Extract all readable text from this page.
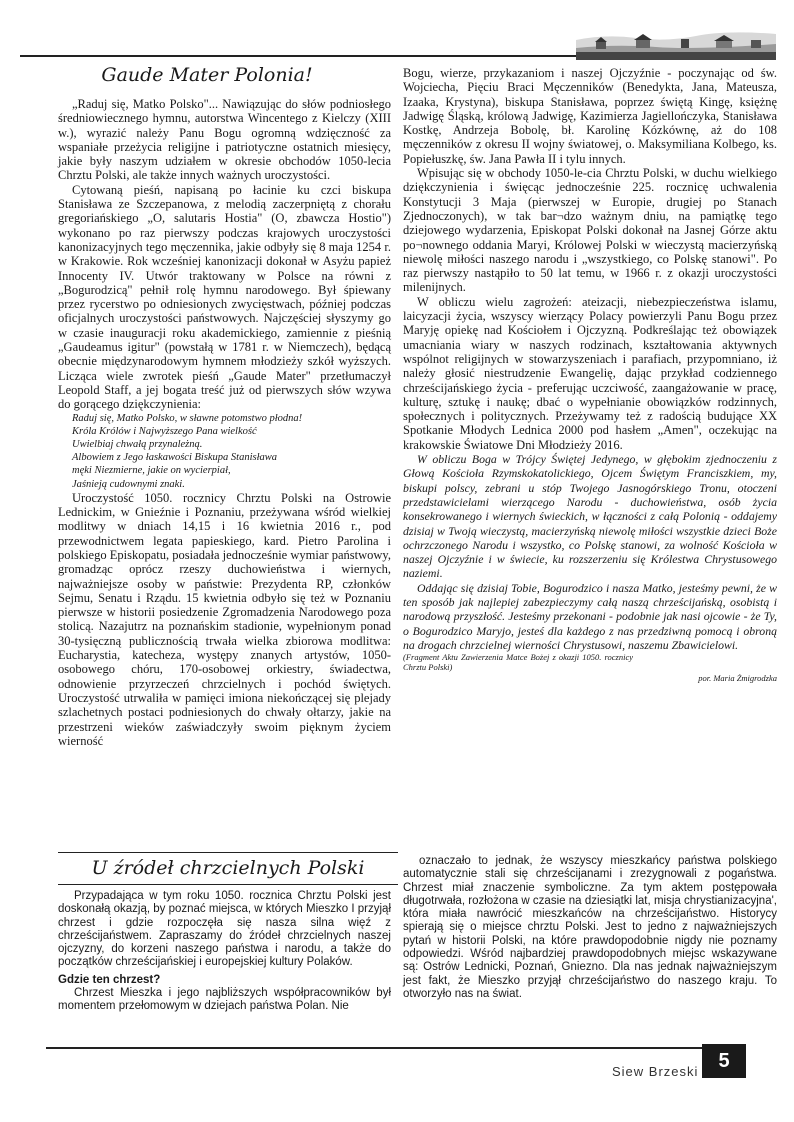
Gaude Mater Polonia!

„Raduj się, Matko Polsko"... Nawiązując do słów podniosłego średniowiecznego hymnu, autorstwa Wincentego z Kielczy (XIII w.), wyrazić należy Panu Bogu ogromną wdzięczność za wspaniałe przeżycia religijne i patriotyczne ostatnich miesięcy, jakie były naszym udziałem w okresie obchodów 1050-lecia Chrztu Polski, ale także innych ważnych uroczystości.

Cytowaną pieśń, napisaną po łacinie ku czci biskupa Stanisława ze Szczepanowa, z melodią zaczerpniętą z chorału gregoriańskiego „O, salutaris Hostia" (O, zbawcza Hostio") wykonano po raz pierwszy podczas krajowych uroczystości kanonizacyjnych tego męczennika, jakie odbyły się 8 maja 1254 r. w Krakowie. Rok wcześniej kanonizacji dokonał w Asyżu papież Innocenty IV. Utwór traktowany w Polsce na równi z „Bogurodzicą" pełnił rolę hymnu narodowego. Był śpiewany przez rycerstwo po odniesionych zwycięstwach, później podczas oficjalnych uroczystości państwowych. Najczęściej słyszymy go w czasie inauguracji roku akademickiego, zamiennie z pieśnią „Gaudeamus igitur" (powstałą w 1781 r. w Niemczech), będącą obecnie międzynarodowym hymnem młodzieży szkół wyższych. Licząca wiele zwrotek pieśń „Gaude Mater" przetłumaczył Leopold Staff, a jej bogata treść już od pierwszych słów wzywa do gorącego dziękczynienia:

Raduj się, Matko Polsko, w sławne potomstwo płodna!
Króla Królów i Najwyższego Pana wielkość
Uwielbiaj chwałą przynależną.
Albowiem z Jego łaskawości Biskupa Stanisława
męki Niezmierne, jakie on wycierpiał,
Jaśnieją cudownymi znaki.

Uroczystość 1050. rocznicy Chrztu Polski na Ostrowie Lednickim, w Gnieźnie i Poznaniu, przeżywana wśród wielkiej modlitwy w dniach 14,15 i 16 kwietnia 2016 r., pod przewodnictwem legata papieskiego, kard. Pietro Parolina i polskiego Episkopatu, posiadała jednocześnie wymiar państwowy, gromadząc oprócz rzeszy duchowieństwa i wiernych, najważniejsze osoby w państwie: Prezydenta RP, członków Sejmu, Senatu i Rządu. 15 kwietnia odbyło się też w Poznaniu pierwsze w historii posiedzenie Zgromadzenia Narodowego poza stolicą. Nazajutrz na poznańskim stadionie, wypełnionym ponad 30-tysięczną publicznością trwała wielka zbiorowa modlitwa: Eucharystia, katecheza, występy znanych artystów, 1050-osobowego chóru, 170-osobowej orkiestry, świadectwa, odnowienie przyrzeczeń chrzcielnych i pochód świętych. Uroczystość utrwaliła w pamięci imiona niekończącej się plejady szlachetnych postaci podniesionych do chwały ołtarzy, jakie na przestrzeni wieków zaświadczyły swoim pięknym życiem wierność

Bogu, wierze, przykazaniom i naszej Ojczyźnie - poczynając od św. Wojciecha, Pięciu Braci Męczenników (Benedykta, Jana, Mateusza, Izaaka, Krystyna), biskupa Stanisława, poprzez świętą Kingę, księżnę Jadwigę Śląską, królową Jadwigę, Kazimierza Jagiellończyka, Stanisława Kostkę, Andrzeja Bobolę, bł. Karolinę Kózkównę, aż do 108 męczenników z okresu II wojny światowej, o. Maksymiliana Kolbego, ks. Popiełuszkę, św. Jana Pawła II i tylu innych.

Wpisując się w obchody 1050-le-cia Chrztu Polski, w duchu wielkiego dziękczynienia i święcąc jednocześnie 225. rocznicę uchwalenia Konstytucji 3 Maja (pierwszej w Europie, drugiej po Stanach Zjednoczonych), w tak bar¬dzo ważnym dniu, na pamiątkę tego dziejowego wydarzenia, Episkopat Polski dokonał na Jasnej Górze aktu po¬nownego oddania Maryi, Królowej Polski w wieczystą macierzyńską niewolę miłości naszego narodu i „wszystkiego, co Polskę stanowi". Po raz pierwszy nastąpiło to 50 lat temu, w 1966 r. z okazji uroczystości milenijnych.

W obliczu wielu zagrożeń: ateizacji, niebezpieczeństwa islamu, laicyzacji życia, wszyscy wierzący Polacy powierzyli Panu Bogu przez Maryję opiekę nad Kościołem i Ojczyzną. Podkreślając też obowiązek umacniania wiary w naszych rodzinach, kształtowania aktywnych wspólnot religijnych w stowarzyszeniach i parafiach, przypomniano, iż należy głosić niestrudzenie Ewangelię, dając przykład codziennego chrześcijańskiego życia - preferując uczciwość, zaangażowanie w pracę, kulturę, sztukę i naukę; dbać o wypełnianie obowiązków rodzinnych, społecznych i politycznych. Przeżywamy też z radością budujące XX Spotkanie Młodych Lednica 2000 pod hasłem „Amen", oczekując na krakowskie Światowe Dni Młodzieży 2016.

W obliczu Boga w Trójcy Świętej Jedynego, w głębokim zjednoczeniu z Głową Kościoła Rzymskokatolickiego, Ojcem Świętym Franciszkiem, my, biskupi polscy, zebrani u stóp Twojego Jasnogórskiego Tronu, otoczeni przedstawicielami wierzącego Narodu - duchowieństwa, osób życia konsekrowanego i wiernych świeckich, w łączności z całą Polonią - oddajemy dzisiaj w Twoją wieczystą, macierzyńską niewolę miłości wszystkie dzieci Boże ochrzczonego Narodu i wszystko, co Polskę stanowi, za wolność Kościoła w naszej Ojczyźnie i w świecie, ku rozszerzeniu się Królestwa Chrystusowego naziemi.

Oddając się dzisiaj Tobie, Bogurodzico i nasza Matko, jesteśmy pewni, że w ten sposób jak najlepiej zabezpieczymy całą naszą chrześcijańską, osobistą i narodową przyszłość. Jesteśmy przekonani - podobnie jak nasi ojcowie - że Ty, o Bogurodzico Maryjo, jesteś dla każdego z nas przedziwną pomocą i obroną na drogach chrzcielnej wierności Chrystusowi, naszemu Zbawicielowi.

(Fragment Aktu Zawierzenia Matce Bożej z okazji 1050. rocznicy Chrztu Polski)
por. Maria Żmigrodzka
U źródeł chrzcielnych Polski

Przypadająca w tym roku 1050. rocznica Chrztu Polski jest doskonałą okazją, by poznać miejsca, w których Mieszko I przyjął chrzest i gdzie rozpoczęła się nasza silna więź z chrześcijaństwem. Zapraszamy do źródeł chrzcielnych naszej ojczyzny, do korzeni naszego państwa i narodu, a także do początków chrześcijańskiej i europejskiej kultury Polaków.

Gdzie ten chrzest?

Chrzest Mieszka i jego najbliższych współpracowników był momentem przełomowym w dziejach państwa Polan. Nie

oznaczało to jednak, że wszyscy mieszkańcy państwa polskiego automatycznie stali się chrześcijanami i zrezygnowali z pogaństwa. Chrzest miał znaczenie symboliczne. Za tym aktem postępowała długotrwała, rozłożona w czasie na dziesiątki lat, misja chrystianizacyjna', która miała nawrócić mieszkańców na chrześcijaństwo. Historycy spierają się o miejsce chrztu Polski. Jest to jedno z najważniejszych pytań w historii Polski, na które prawdopodobnie nigdy nie poznamy odpowiedzi. Wśród najbardziej prawdopodobnych miejsc wskazywane są: Ostrów Lednicki, Poznań, Gniezno. Dla nas jednak najważniejszym jest fakt, że Mieszko przyjął chrześcijaństwo do naszego kraju. To otworzyło nas na świat.

Siew Brzeski	5
